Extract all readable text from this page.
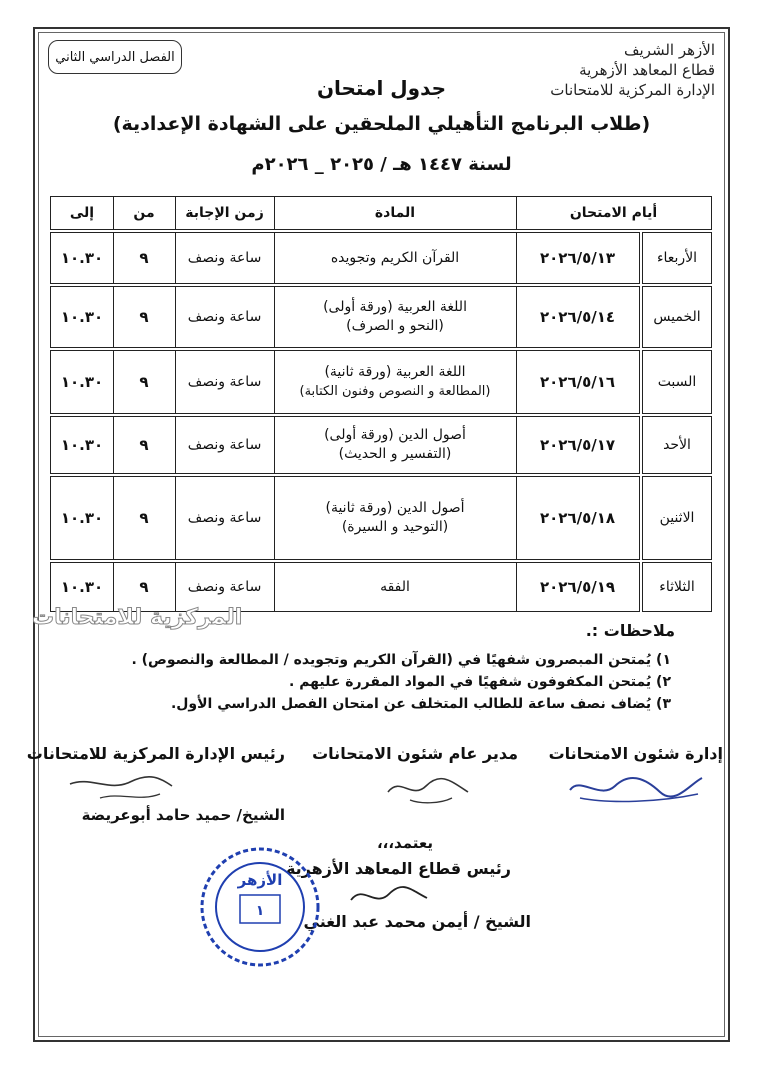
الفصل الدراسي الثاني	الأزهر الشريف
قطاع المعاهد الأزهرية
الإدارة المركزية للامتحانات
جدول امتحان
(طلاب البرنامج التأهيلي الملحقين على الشهادة الإعدادية)
لسنة ١٤٤٧ هـ / ٢٠٢٥ _ ٢٠٢٦م
أيام الامتحان
المادة
زمن الإجابة
من
إلى
الأربعاء
٢٠٢٦/٥/١٣
القرآن الكريم وتجويده
ساعة ونصف
٩
١٠.٣٠
الخميس
٢٠٢٦/٥/١٤
اللغة العربية (ورقة أولى)
(النحو و الصرف)
ساعة ونصف
٩
١٠.٣٠
السبت
٢٠٢٦/٥/١٦
اللغة العربية (ورقة ثانية)
(المطالعة و النصوص وفنون الكتابة)
ساعة ونصف
٩
١٠.٣٠
الأحد
٢٠٢٦/٥/١٧
أصول الدين (ورقة أولى)
(التفسير و الحديث)
ساعة ونصف
٩
١٠.٣٠
الاثنين
٢٠٢٦/٥/١٨
أصول الدين (ورقة ثانية)
(التوحيد و السيرة)
ساعة ونصف
٩
١٠.٣٠
الثلاثاء
٢٠٢٦/٥/١٩
الفقه
ساعة ونصف
٩
١٠.٣٠
المركزية للامتحانات
ملاحظات :.
١) يُمتحن المبصرون شفهيًا في (القرآن الكريم وتجويده / المطالعة والنصوص) .
٢) يُمتحن المكفوفون شفهيًا في المواد المقررة عليهم .
٣) يُضاف نصف ساعة للطالب المتخلف عن امتحان الفصل الدراسي الأول.
إدارة شئون الامتحانات
مدير عام شئون الامتحانات
رئيس الإدارة المركزية للامتحانات
الشيخ/ حميد حامد أبوعريضة
يعتمد،،،
رئيس قطاع المعاهد الأزهرية
الشيخ / أيمن محمد عبد الغني
الأزهر
١
